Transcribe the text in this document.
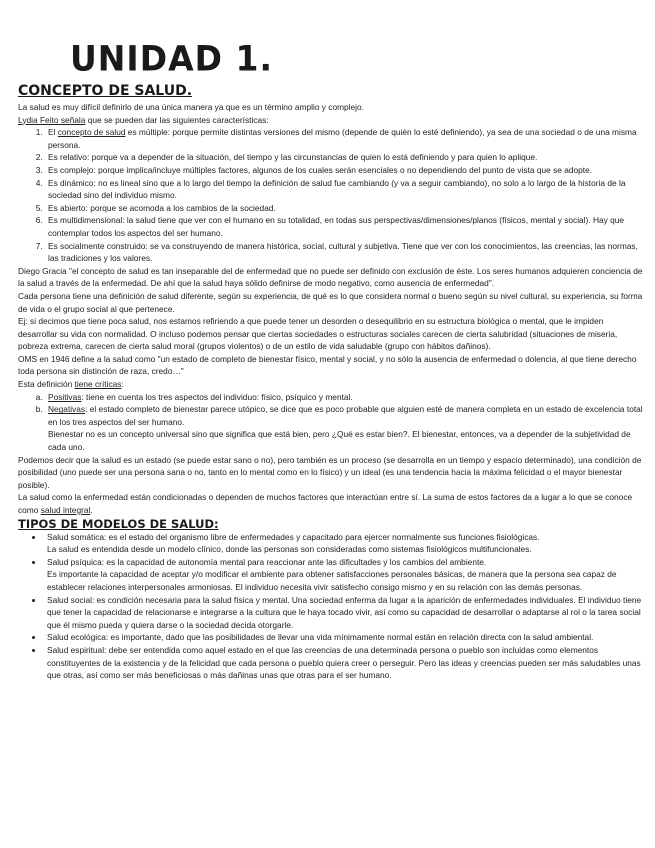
UNIDAD 1.
CONCEPTO DE SALUD.

La salud es muy difícil definirlo de una única manera ya que es un término amplio y complejo.

Lydia Feito señala que se pueden dar las siguientes características:

1. El concepto de salud es múltiple: porque permite distintas versiones del mismo (depende de quién lo esté definiendo), ya sea de una sociedad o de una misma persona.
2. Es relativo: porque va a depender de la situación, del tiempo y las circunstancias de quien lo está definiendo y para quien lo aplique.
3. Es complejo: porque implica/incluye múltiples factores, algunos de los cuales serán esenciales o no dependiendo del punto de vista que se adopte.
4. Es dinámico: no es lineal sino que a lo largo del tiempo la definición de salud fue cambiando (y va a seguir cambiando), no solo a lo largo de la historia de la sociedad sino del individuo mismo.
5. Es abierto: porque se acomoda a los cambios de la sociedad.
6. Es multidimensional: la salud tiene que ver con el humano en su totalidad, en todas sus perspectivas/dimensiones/planos (físicos, mental y social). Hay que contemplar todos los aspectos del ser humano.
7. Es socialmente construido: se va construyendo de manera histórica, social, cultural y subjetiva. Tiene que ver con los conocimientos, las creencias, las normas, las tradiciones y los valores.

Diego Gracia "el concepto de salud es tan inseparable del de enfermedad que no puede ser definido con exclusión de éste. Los seres humanos adquieren conciencia de la salud a través de la enfermedad. De ahí que la salud haya sólido definirse de modo negativo, como ausencia de enfermedad".

Cada persona tiene una definición de salud diferente, según su experiencia, de qué es lo que considera normal o bueno según su nivel cultural, su experiencia, su forma de vida o el grupo social al que pertenece.

Ej: si decimos que tiene poca salud, nos estamos refiriendo a que puede tener un desorden o desequilibrio en su estructura biológica o mental, que le impiden desarrollar su vida con normalidad. O incluso podemos pensar que ciertas sociedades o estructuras sociales carecen de cierta salubridad (situaciones de miseria, pobreza extrema, carecen de cierta salud moral (grupos violentos) o de un estilo de vida saludable (grupo con hábitos dañinos).

OMS en 1946 define a la salud como "un estado de completo de bienestar físico, mental y social, y no sólo la ausencia de enfermedad o dolencia, al que tiene derecho toda persona sin distinción de raza, credo…"

Esta definición tiene críticas:

a. Positivas: tiene en cuenta los tres aspectos del individuo: físico, psíquico y mental.
b. Negativas: el estado completo de bienestar parece utópico, se dice que es poco probable que alguien esté de manera completa en un estado de excelencia total en los tres aspectos del ser humano.
Bienestar no es un concepto universal sino que significa que está bien, pero ¿Qué es estar bien?. El bienestar, entonces, va a depender de la subjetividad de cada uno.

Podemos decir que la salud es un estado (se puede estar sano o no), pero también es un proceso (se desarrolla en un tiempo y espacio determinado), una condición de posibilidad (uno puede ser una persona sana o no, tanto en lo mental como en lo físico) y un ideal (es una tendencia hacia la máxima felicidad o el mayor bienestar posible).

La salud como la enfermedad están condicionadas o dependen de muchos factores que interactúan entre sí. La suma de estos factores da a lugar a lo que se conoce como salud integral.

TIPOS DE MODELOS DE SALUD:
• Salud somática: es el estado del organismo libre de enfermedades y capacitado para ejercer normalmente sus funciones fisiológicas.
La salud es entendida desde un modelo clínico, donde las personas son consideradas como sistemas fisiológicos multifuncionales.
• Salud psíquica: es la capacidad de autonomía mental para reaccionar ante las dificultades y los cambios del ambiente.
Es importante la capacidad de aceptar y/o modificar el ambiente para obtener satisfacciones personales básicas, de manera que la persona sea capaz de establecer relaciones interpersonales armoniosas. El individuo necesita vivir satisfecho consigo mismo y en su relación con las demás personas.
• Salud social: es condición necesaria para la salud física y mental. Una sociedad enferma da lugar a la aparición de enfermedades individuales. El individuo tiene que tener la capacidad de relacionarse e integrarse a la cultura que le haya tocado vivir, así como su capacidad de desarrollar o adaptarse al rol o la tarea social que él mismo pueda y quiera darse o la sociedad decida otorgarle.
• Salud ecológica: es importante, dado que las posibilidades de llevar una vida mínimamente normal están en relación directa con la salud ambiental.
• Salud espiritual: debe ser entendida como aquel estado en el que las creencias de una determinada persona o pueblo son incluidas como elementos constituyentes de la existencia y de la felicidad que cada persona o pueblo quiera creer o perseguir. Pero las ideas y creencias pueden ser más saludables unas que otras, así como ser más beneficiosas o más dañinas unas que otras para el ser humano.
